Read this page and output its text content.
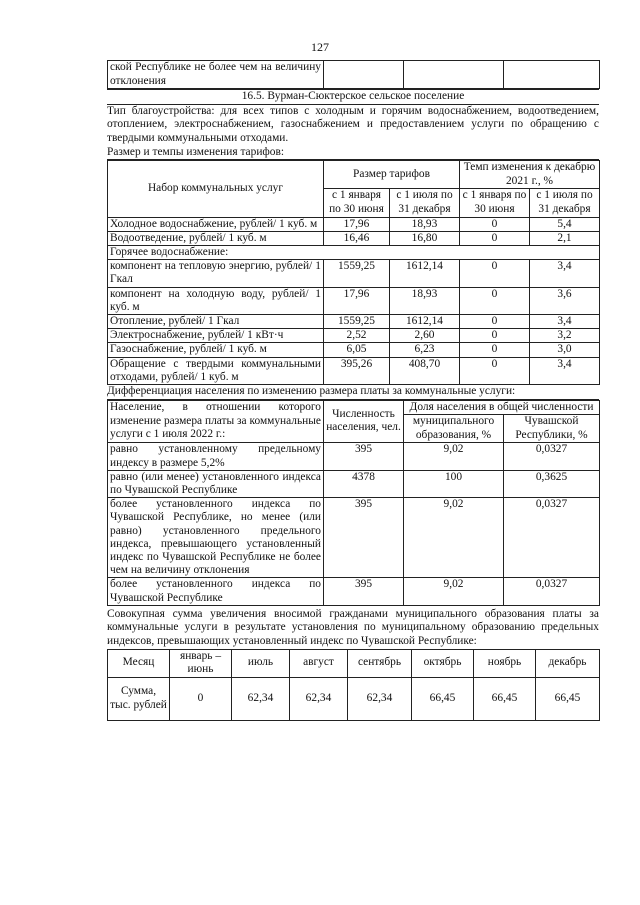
127
ской Республике не более чем на величину отклонения			

16.5. Вурман-Сюктерское сельское поселение

Тип благоустройства: для всех типов с холодным и горячим водоснабжением, водоотведением, отоплением, электроснабжением, газоснабжением и предоставлением услуги по обращению с твердыми коммунальными отходами.

Размер и темпы изменения тарифов:

Набор коммунальных услуг	Размер тарифов		Темп изменения к декабрю 2021 г., %	
	с 1 января по 30 июня	с 1 июля по 31 декабря	с 1 января по 30 июня	с 1 июля по 31 декабря
Холодное водоснабжение, рублей/ 1 куб. м	17,96	18,93	0	5,4
Водоотведение, рублей/ 1 куб. м	16,46	16,80	0	2,1
Горячее водоснабжение:				
компонент на тепловую энергию, рублей/ 1 Гкал	1559,25	1612,14	0	3,4
компонент на холодную воду, рублей/ 1 куб. м	17,96	18,93	0	3,6
Отопление, рублей/ 1 Гкал	1559,25	1612,14	0	3,4
Электроснабжение, рублей/ 1 кВт·ч	2,52	2,60	0	3,2
Газоснабжение, рублей/ 1 куб. м	6,05	6,23	0	3,0
Обращение с твердыми коммунальными отходами, рублей/ 1 куб. м	395,26	408,70	0	3,4

Дифференциация населения по изменению размера платы за коммунальные услуги:

Население, в отношении которого изменение размера платы за коммунальные услуги с 1 июля 2022 г.:	Численность населения, чел.	Доля населения в общей численности	
		муниципального образования, %	Чувашской Республики, %
равно установленному предельному индексу в размере 5,2%	395	9,02	0,0327
равно (или менее) установленного индекса по Чувашской Республике	4378	100	0,3625
более установленного индекса по Чувашской Республике, но менее (или равно) установленного предельного индекса, превышающего установленный индекс по Чувашской Республике не более чем на величину отклонения	395	9,02	0,0327
более установленного индекса по Чувашской Республике	395	9,02	0,0327

Совокупная сумма увеличения вносимой гражданами муниципального образования платы за коммунальные услуги в результате установления по муниципальному образованию предельных индексов, превышающих установленный индекс по Чувашской Республике:

Месяц	январь – июнь	июль	август	сентябрь	октябрь	ноябрь	декабрь
Сумма, тыс. рублей	0	62,34	62,34	62,34	66,45	66,45	66,45
